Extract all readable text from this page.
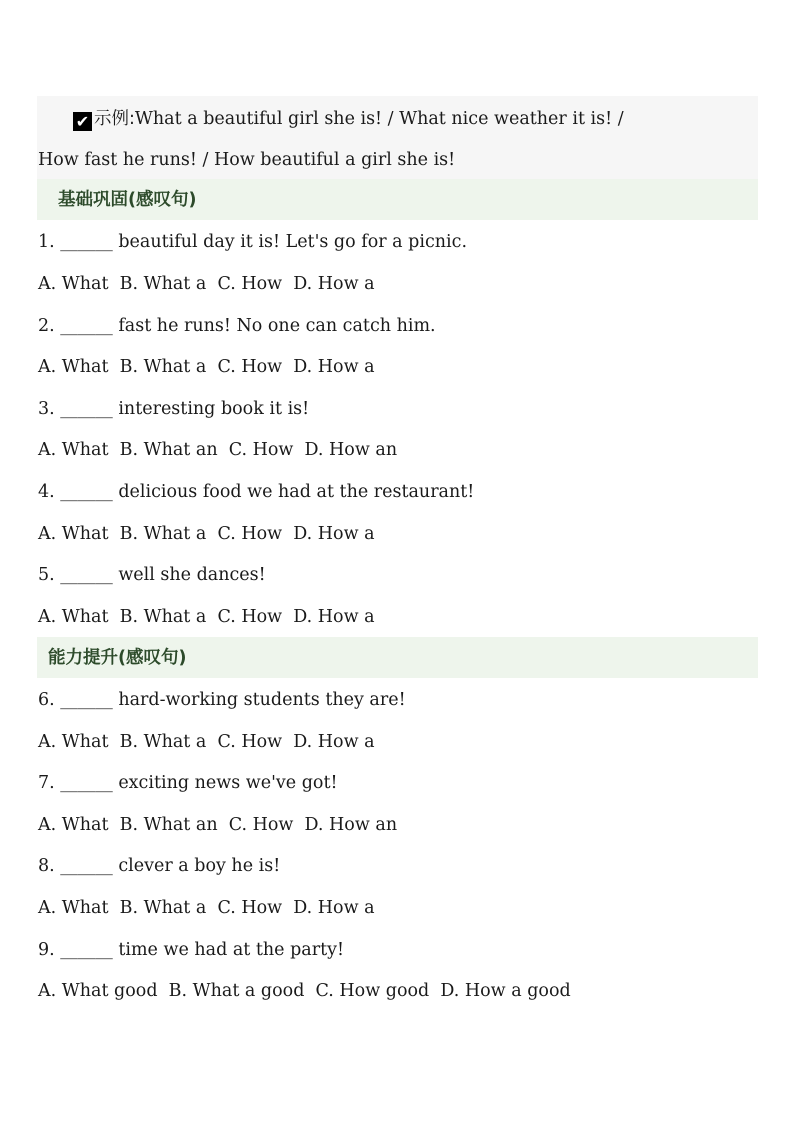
✔ 示例:What a beautiful girl she is! / What nice weather it is! /
How fast he runs! / How beautiful a girl she is!
基础巩固(感叹句)
1. ______ beautiful day it is! Let's go for a picnic.
A. What  B. What a  C. How  D. How a
2. ______ fast he runs! No one can catch him.
A. What  B. What a  C. How  D. How a
3. ______ interesting book it is!
A. What  B. What an  C. How  D. How an
4. ______ delicious food we had at the restaurant!
A. What  B. What a  C. How  D. How a
5. ______ well she dances!
A. What  B. What a  C. How  D. How a
能力提升(感叹句)
6. ______ hard-working students they are!
A. What  B. What a  C. How  D. How a
7. ______ exciting news we've got!
A. What  B. What an  C. How  D. How an
8. ______ clever a boy he is!
A. What  B. What a  C. How  D. How a
9. ______ time we had at the party!
A. What good  B. What a good  C. How good  D. How a good
